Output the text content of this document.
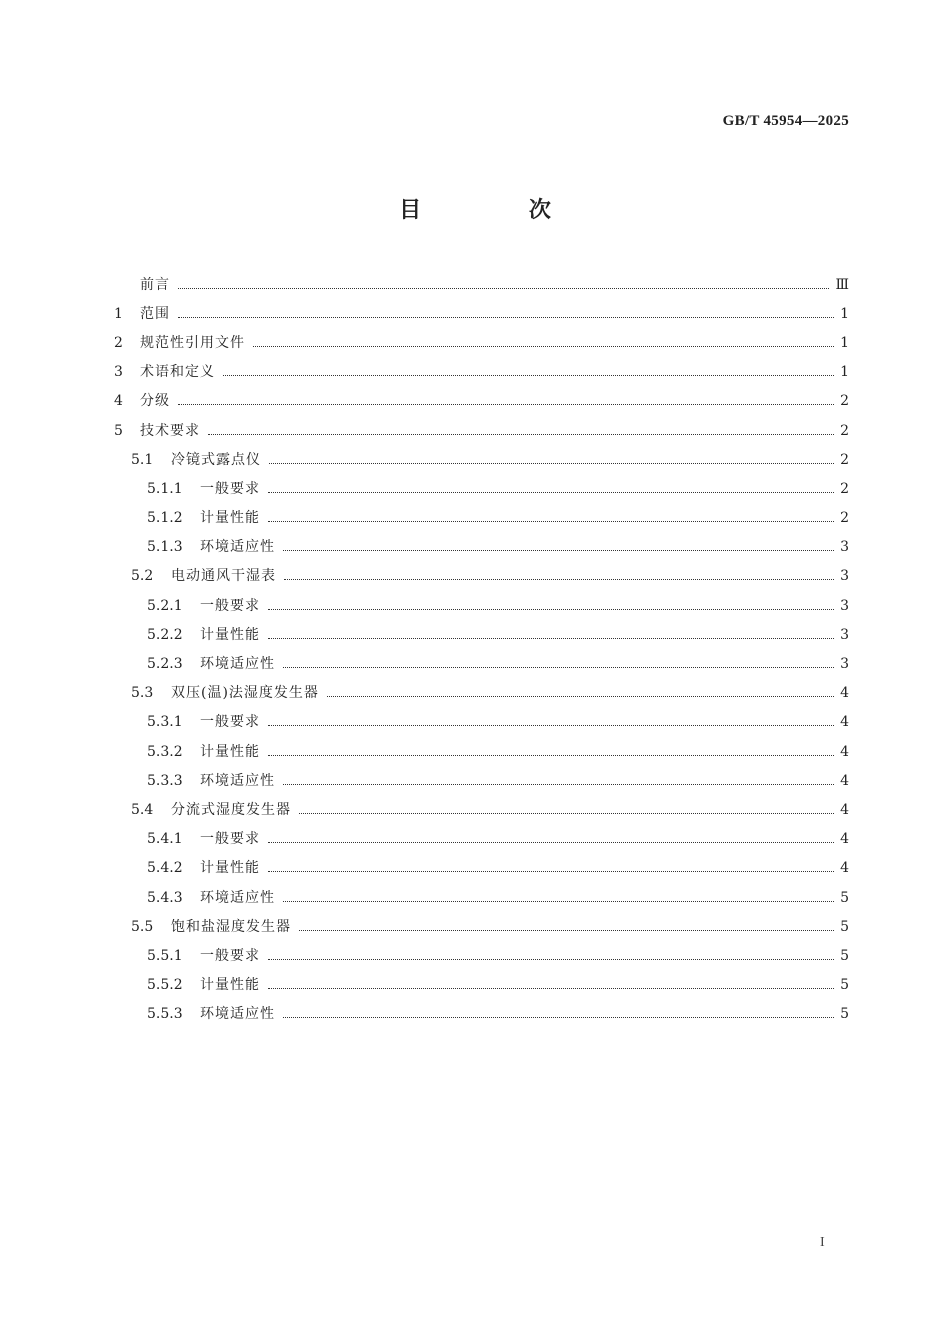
GB/T 45954—2025
目 次
前言	Ⅲ
1	范围	1
2	规范性引用文件	1
3	术语和定义	1
4	分级	2
5	技术要求	2
5.1	冷镜式露点仪	2
5.1.1	一般要求	2
5.1.2	计量性能	2
5.1.3	环境适应性	3
5.2	电动通风干湿表	3
5.2.1	一般要求	3
5.2.2	计量性能	3
5.2.3	环境适应性	3
5.3	双压(温)法湿度发生器	4
5.3.1	一般要求	4
5.3.2	计量性能	4
5.3.3	环境适应性	4
5.4	分流式湿度发生器	4
5.4.1	一般要求	4
5.4.2	计量性能	4
5.4.3	环境适应性	5
5.5	饱和盐湿度发生器	5
5.5.1	一般要求	5
5.5.2	计量性能	5
5.5.3	环境适应性	5
I
